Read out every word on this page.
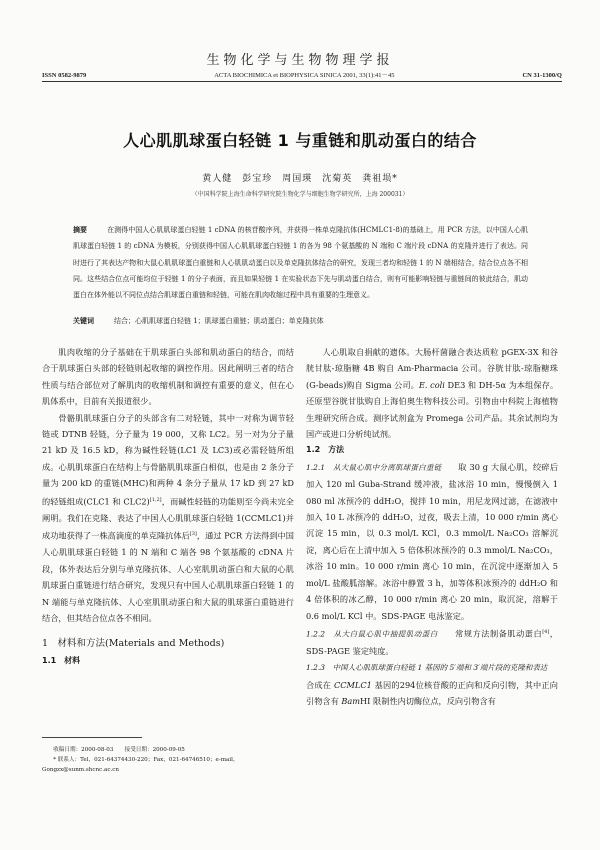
生物化学与生物物理学报
ISSN 0582-9879	ACTA BIOCHIMICA et BIOPHYSICA SINICA 2001, 33(1):41－45	CN 31-1300/Q
人心肌肌球蛋白轻链 1 与重链和肌动蛋白的结合
黄人健　彭宝珍　周国瑛　沈菊英　龚祖埙*
（中国科学院上海生命科学研究院生物化学与细胞生物学研究所，上海 200031）
摘要	在测得中国人心肌肌球蛋白轻链 1 cDNA 的核苷酸序列，并获得一株单克隆抗体(HCMLC1-8)的基础上，用 PCR 方法，以中国人心肌肌球蛋白轻链 1 的 cDNA 为模板，分别获得中国人心肌肌球蛋白轻链 1 的各为 98 个氨基酸的 N 端和 C 端片段 cDNA 的克隆并进行了表达。同时进行了其表达产物和大鼠心肌肌球蛋白重链和人心肌肌动蛋白以及单克隆抗体结合的研究，发现三者均和轻链 1 的 N 端相结合，结合位点各不相同。这些结合位点可能均位于轻链 1 的分子表面，而且如果轻链 1 在实验状态下先与肌动蛋白结合，则有可能影响轻链与重链间的彼此结合，肌动蛋白在体外能以不同位点结合肌球蛋白重链和轻链，可能在肌肉收缩过程中具有重要的生理意义。
关键词	结合；心肌肌球蛋白轻链 1；肌球蛋白重链；肌动蛋白；单克隆抗体

肌肉收缩的分子基础在于肌球蛋白头部和肌动蛋白的结合，而结合于肌球蛋白头部的轻链则起收缩的调控作用。因此阐明三者的结合性质与结合部位对了解肌肉的收缩机制和调控有重要的意义，但在心肌体系中，目前有关报道很少。

骨骼肌肌球蛋白分子的头部含有二对轻链，其中一对称为调节轻链或 DTNB 轻链，分子量为 19 000，又称 LC2。另一对为分子量 21 kD 及 16.5 kD，称为碱性轻链(LC1 及 LC3)或必需轻链所组成。心肌肌球蛋白在结构上与骨骼肌肌球蛋白相似，也是由 2 条分子量为 200 kD 的重链(MHC)和两种 4 条分子量从 17 kD 到 27 kD 的轻链组成(CLC1 和 CLC2)[1,2]，而碱性轻链的功能则至今尚未完全阐明。我们在克隆、表达了中国人心肌肌球蛋白轻链 1(CCMLC1)并成功地获得了一株高滴度的单克隆抗体后[3]，通过 PCR 方法得到中国人心肌肌球蛋白轻链 1 的 N 端和 C 端各 98 个氨基酸的 cDNA 片段，体外表达后分别与单克隆抗体、人心室肌肌动蛋白和大鼠的心肌肌球蛋白重链进行结合研究，发现只有中国人心肌肌球蛋白轻链 1 的 N 端能与单克隆抗体、人心室肌肌动蛋白和大鼠的肌球蛋白重链进行结合，但其结合位点各不相同。

1　材料和方法(Materials and Methods)

1.1　材料

收稿日期：2000-08-03　　接受日期：2000-09-05

* 联系人：Tel，021-64374430-220；Fax，021-64746510；e-mail，Gongzx@sunm.shcnc.ac.cn

人心肌取自捐献的遗体。大肠杆菌融合表达质粒 pGEX-3X 和谷胱甘肽-琼脂糖 4B 购自 Am-Pharmacia 公司。谷胱甘肽-琼脂糖珠(G-beads)购自 Sigma 公司。E. coli DE3 和 DH-5α 为本组保存。还原型谷胱甘肽购自上海伯奥生物科技公司。引物由中科院上海植物生理研究所合成。测序试剂盒为 Promega 公司产品。其余试剂均为国产或进口分析纯试剂。

1.2　方法

1.2.1　从大鼠心肌中分离肌球蛋白重链　　取 30 g 大鼠心肌，绞碎后加入 120 ml Guba-Strand 缓冲液，盐冰浴 10 min，慢慢倒入 1 080 ml 冰预冷的 ddH₂O，搅拌 10 min，用尼龙网过滤，在滤液中加入 10 L 冰预冷的 ddH₂O，过夜，吸去上清，10 000 r/min 离心沉淀 15 min，以 0.3 mol/L KCl，0.3 mmol/L Na₂CO₃ 溶解沉淀，离心后在上清中加入 5 倍体积冰预冷的 0.3 mmol/L Na₂CO₃，冰浴 10 min。10 000 r/min 离心 10 min，在沉淀中逐渐加入 5 mol/L 盐酸胍溶解。冰浴中静置 3 h，加等体积冰预冷的 ddH₂O 和 4 倍体积的冰乙醇，10 000 r/min 离心 20 min，取沉淀，溶解于0.6 mol/L KCl 中。SDS-PAGE 电泳鉴定。

1.2.2　从大白鼠心肌中抽提肌动蛋白　　常规方法制备肌动蛋白[4]，SDS-PAGE 鉴定纯度。

1.2.3　中国人心肌肌球蛋白轻链 1 基因的 5′端和 3′端片段的克隆和表达　　合成在 CCMLC1 基因的294位核苷酸的正向和反向引物，其中正向引物含有 BamHI 限制性内切酶位点，反向引物含有
